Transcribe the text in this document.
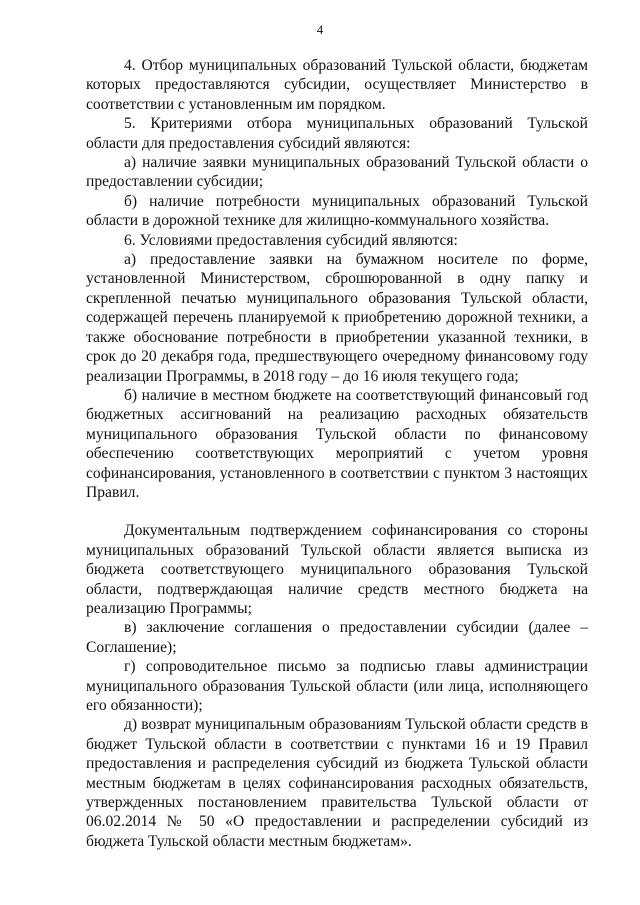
4

4. Отбор муниципальных образований Тульской области, бюджетам которых предоставляются субсидии, осуществляет Министерство в соответствии с установленным им порядком.

5. Критериями отбора муниципальных образований Тульской области для предоставления субсидий являются:

а) наличие заявки муниципальных образований Тульской области о предоставлении субсидии;

б) наличие потребности муниципальных образований Тульской области в дорожной технике для жилищно-коммунального хозяйства.

6. Условиями предоставления субсидий являются:

а) предоставление заявки на бумажном носителе по форме, установленной Министерством, сброшюрованной в одну папку и скрепленной печатью муниципального образования Тульской области, содержащей перечень планируемой к приобретению дорожной техники, а также обоснование потребности в приобретении указанной техники, в срок до 20 декабря года, предшествующего очередному финансовому году реализации Программы, в 2018 году – до 16 июля текущего года;

б) наличие в местном бюджете на соответствующий финансовый год бюджетных ассигнований на реализацию расходных обязательств муниципального образования Тульской области по финансовому обеспечению соответствующих мероприятий с учетом уровня софинансирования, установленного в соответствии с пунктом 3 настоящих Правил.

Документальным подтверждением софинансирования со стороны муниципальных образований Тульской области является выписка из бюджета соответствующего муниципального образования Тульской области, подтверждающая наличие средств местного бюджета на реализацию Программы;

в) заключение соглашения о предоставлении субсидии (далее – Соглашение);

г) сопроводительное письмо за подписью главы администрации муниципального образования Тульской области (или лица, исполняющего его обязанности);

д) возврат муниципальным образованиям Тульской области средств в бюджет Тульской области в соответствии с пунктами 16 и 19 Правил предоставления и распределения субсидий из бюджета Тульской области местным бюджетам в целях софинансирования расходных обязательств, утвержденных постановлением правительства Тульской области от 06.02.2014 № 50 «О предоставлении и распределении субсидий из бюджета Тульской области местным бюджетам».
